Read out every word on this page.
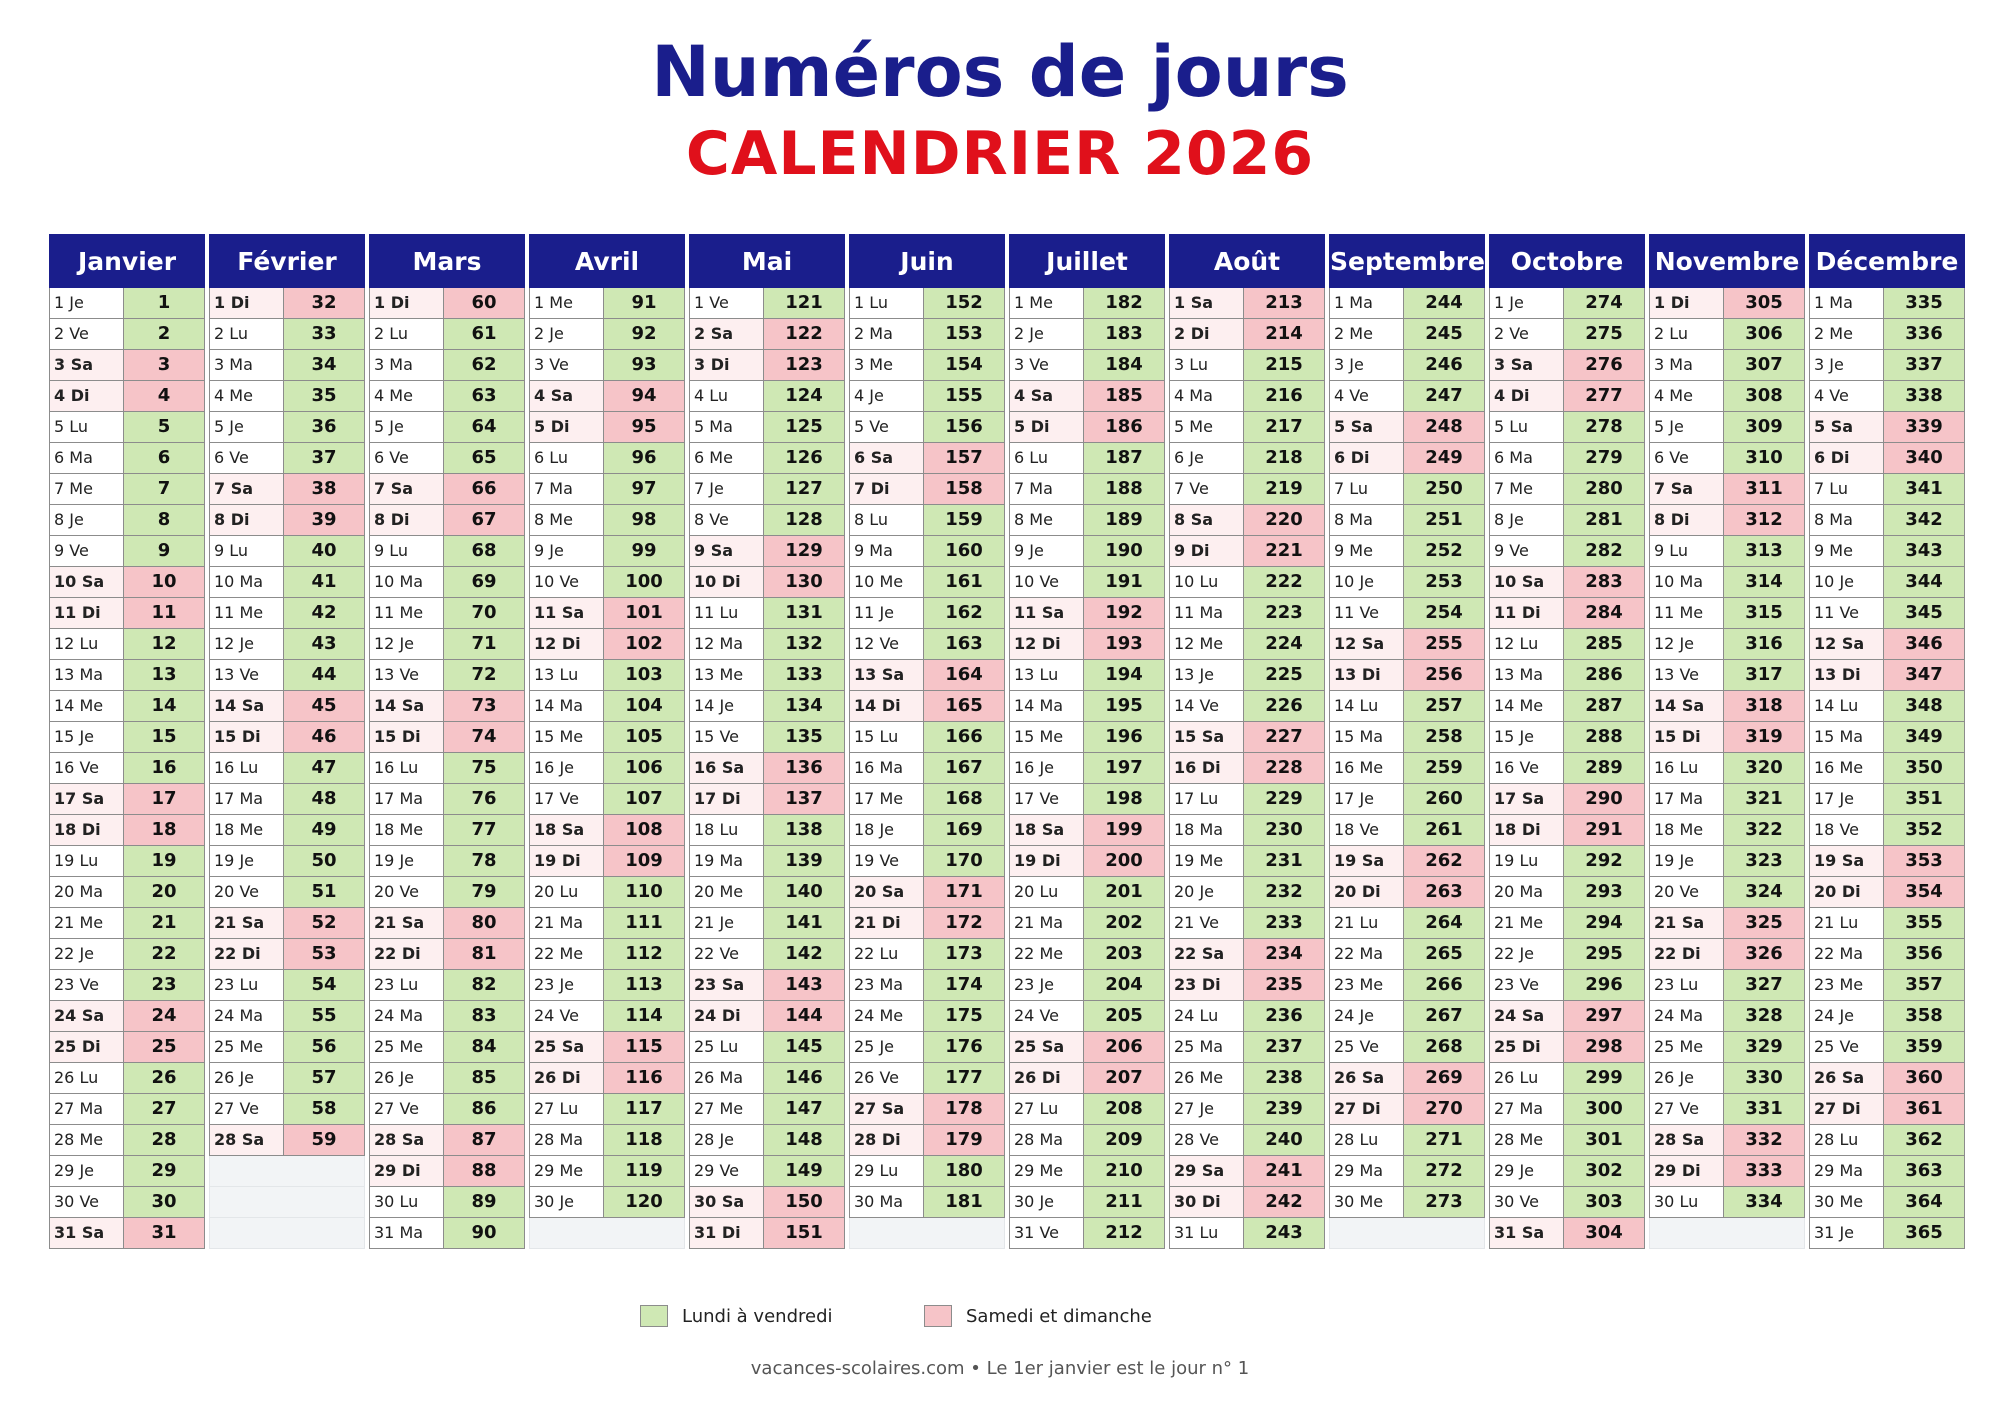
Numéros de jours
CALENDRIER 2026
Janvier
1 Je	1
2 Ve	2
3 Sa	3
4 Di	4
5 Lu	5
6 Ma	6
7 Me	7
8 Je	8
9 Ve	9
10 Sa	10
11 Di	11
12 Lu	12
13 Ma	13
14 Me	14
15 Je	15
16 Ve	16
17 Sa	17
18 Di	18
19 Lu	19
20 Ma	20
21 Me	21
22 Je	22
23 Ve	23
24 Sa	24
25 Di	25
26 Lu	26
27 Ma	27
28 Me	28
29 Je	29
30 Ve	30
31 Sa	31
Février
1 Di	32
2 Lu	33
3 Ma	34
4 Me	35
5 Je	36
6 Ve	37
7 Sa	38
8 Di	39
9 Lu	40
10 Ma	41
11 Me	42
12 Je	43
13 Ve	44
14 Sa	45
15 Di	46
16 Lu	47
17 Ma	48
18 Me	49
19 Je	50
20 Ve	51
21 Sa	52
22 Di	53
23 Lu	54
24 Ma	55
25 Me	56
26 Je	57
27 Ve	58
28 Sa	59
Mars
1 Di	60
2 Lu	61
3 Ma	62
4 Me	63
5 Je	64
6 Ve	65
7 Sa	66
8 Di	67
9 Lu	68
10 Ma	69
11 Me	70
12 Je	71
13 Ve	72
14 Sa	73
15 Di	74
16 Lu	75
17 Ma	76
18 Me	77
19 Je	78
20 Ve	79
21 Sa	80
22 Di	81
23 Lu	82
24 Ma	83
25 Me	84
26 Je	85
27 Ve	86
28 Sa	87
29 Di	88
30 Lu	89
31 Ma	90
Avril
1 Me	91
2 Je	92
3 Ve	93
4 Sa	94
5 Di	95
6 Lu	96
7 Ma	97
8 Me	98
9 Je	99
10 Ve	100
11 Sa	101
12 Di	102
13 Lu	103
14 Ma	104
15 Me	105
16 Je	106
17 Ve	107
18 Sa	108
19 Di	109
20 Lu	110
21 Ma	111
22 Me	112
23 Je	113
24 Ve	114
25 Sa	115
26 Di	116
27 Lu	117
28 Ma	118
29 Me	119
30 Je	120
Mai
1 Ve	121
2 Sa	122
3 Di	123
4 Lu	124
5 Ma	125
6 Me	126
7 Je	127
8 Ve	128
9 Sa	129
10 Di	130
11 Lu	131
12 Ma	132
13 Me	133
14 Je	134
15 Ve	135
16 Sa	136
17 Di	137
18 Lu	138
19 Ma	139
20 Me	140
21 Je	141
22 Ve	142
23 Sa	143
24 Di	144
25 Lu	145
26 Ma	146
27 Me	147
28 Je	148
29 Ve	149
30 Sa	150
31 Di	151
Juin
1 Lu	152
2 Ma	153
3 Me	154
4 Je	155
5 Ve	156
6 Sa	157
7 Di	158
8 Lu	159
9 Ma	160
10 Me	161
11 Je	162
12 Ve	163
13 Sa	164
14 Di	165
15 Lu	166
16 Ma	167
17 Me	168
18 Je	169
19 Ve	170
20 Sa	171
21 Di	172
22 Lu	173
23 Ma	174
24 Me	175
25 Je	176
26 Ve	177
27 Sa	178
28 Di	179
29 Lu	180
30 Ma	181
Juillet
1 Me	182
2 Je	183
3 Ve	184
4 Sa	185
5 Di	186
6 Lu	187
7 Ma	188
8 Me	189
9 Je	190
10 Ve	191
11 Sa	192
12 Di	193
13 Lu	194
14 Ma	195
15 Me	196
16 Je	197
17 Ve	198
18 Sa	199
19 Di	200
20 Lu	201
21 Ma	202
22 Me	203
23 Je	204
24 Ve	205
25 Sa	206
26 Di	207
27 Lu	208
28 Ma	209
29 Me	210
30 Je	211
31 Ve	212
Août
1 Sa	213
2 Di	214
3 Lu	215
4 Ma	216
5 Me	217
6 Je	218
7 Ve	219
8 Sa	220
9 Di	221
10 Lu	222
11 Ma	223
12 Me	224
13 Je	225
14 Ve	226
15 Sa	227
16 Di	228
17 Lu	229
18 Ma	230
19 Me	231
20 Je	232
21 Ve	233
22 Sa	234
23 Di	235
24 Lu	236
25 Ma	237
26 Me	238
27 Je	239
28 Ve	240
29 Sa	241
30 Di	242
31 Lu	243
Septembre
1 Ma	244
2 Me	245
3 Je	246
4 Ve	247
5 Sa	248
6 Di	249
7 Lu	250
8 Ma	251
9 Me	252
10 Je	253
11 Ve	254
12 Sa	255
13 Di	256
14 Lu	257
15 Ma	258
16 Me	259
17 Je	260
18 Ve	261
19 Sa	262
20 Di	263
21 Lu	264
22 Ma	265
23 Me	266
24 Je	267
25 Ve	268
26 Sa	269
27 Di	270
28 Lu	271
29 Ma	272
30 Me	273
Octobre
1 Je	274
2 Ve	275
3 Sa	276
4 Di	277
5 Lu	278
6 Ma	279
7 Me	280
8 Je	281
9 Ve	282
10 Sa	283
11 Di	284
12 Lu	285
13 Ma	286
14 Me	287
15 Je	288
16 Ve	289
17 Sa	290
18 Di	291
19 Lu	292
20 Ma	293
21 Me	294
22 Je	295
23 Ve	296
24 Sa	297
25 Di	298
26 Lu	299
27 Ma	300
28 Me	301
29 Je	302
30 Ve	303
31 Sa	304
Novembre
1 Di	305
2 Lu	306
3 Ma	307
4 Me	308
5 Je	309
6 Ve	310
7 Sa	311
8 Di	312
9 Lu	313
10 Ma	314
11 Me	315
12 Je	316
13 Ve	317
14 Sa	318
15 Di	319
16 Lu	320
17 Ma	321
18 Me	322
19 Je	323
20 Ve	324
21 Sa	325
22 Di	326
23 Lu	327
24 Ma	328
25 Me	329
26 Je	330
27 Ve	331
28 Sa	332
29 Di	333
30 Lu	334
Décembre
1 Ma	335
2 Me	336
3 Je	337
4 Ve	338
5 Sa	339
6 Di	340
7 Lu	341
8 Ma	342
9 Me	343
10 Je	344
11 Ve	345
12 Sa	346
13 Di	347
14 Lu	348
15 Ma	349
16 Me	350
17 Je	351
18 Ve	352
19 Sa	353
20 Di	354
21 Lu	355
22 Ma	356
23 Me	357
24 Je	358
25 Ve	359
26 Sa	360
27 Di	361
28 Lu	362
29 Ma	363
30 Me	364
31 Je	365
Lundi à vendredi	Samedi et dimanche
vacances-scolaires.com • Le 1er janvier est le jour n° 1
